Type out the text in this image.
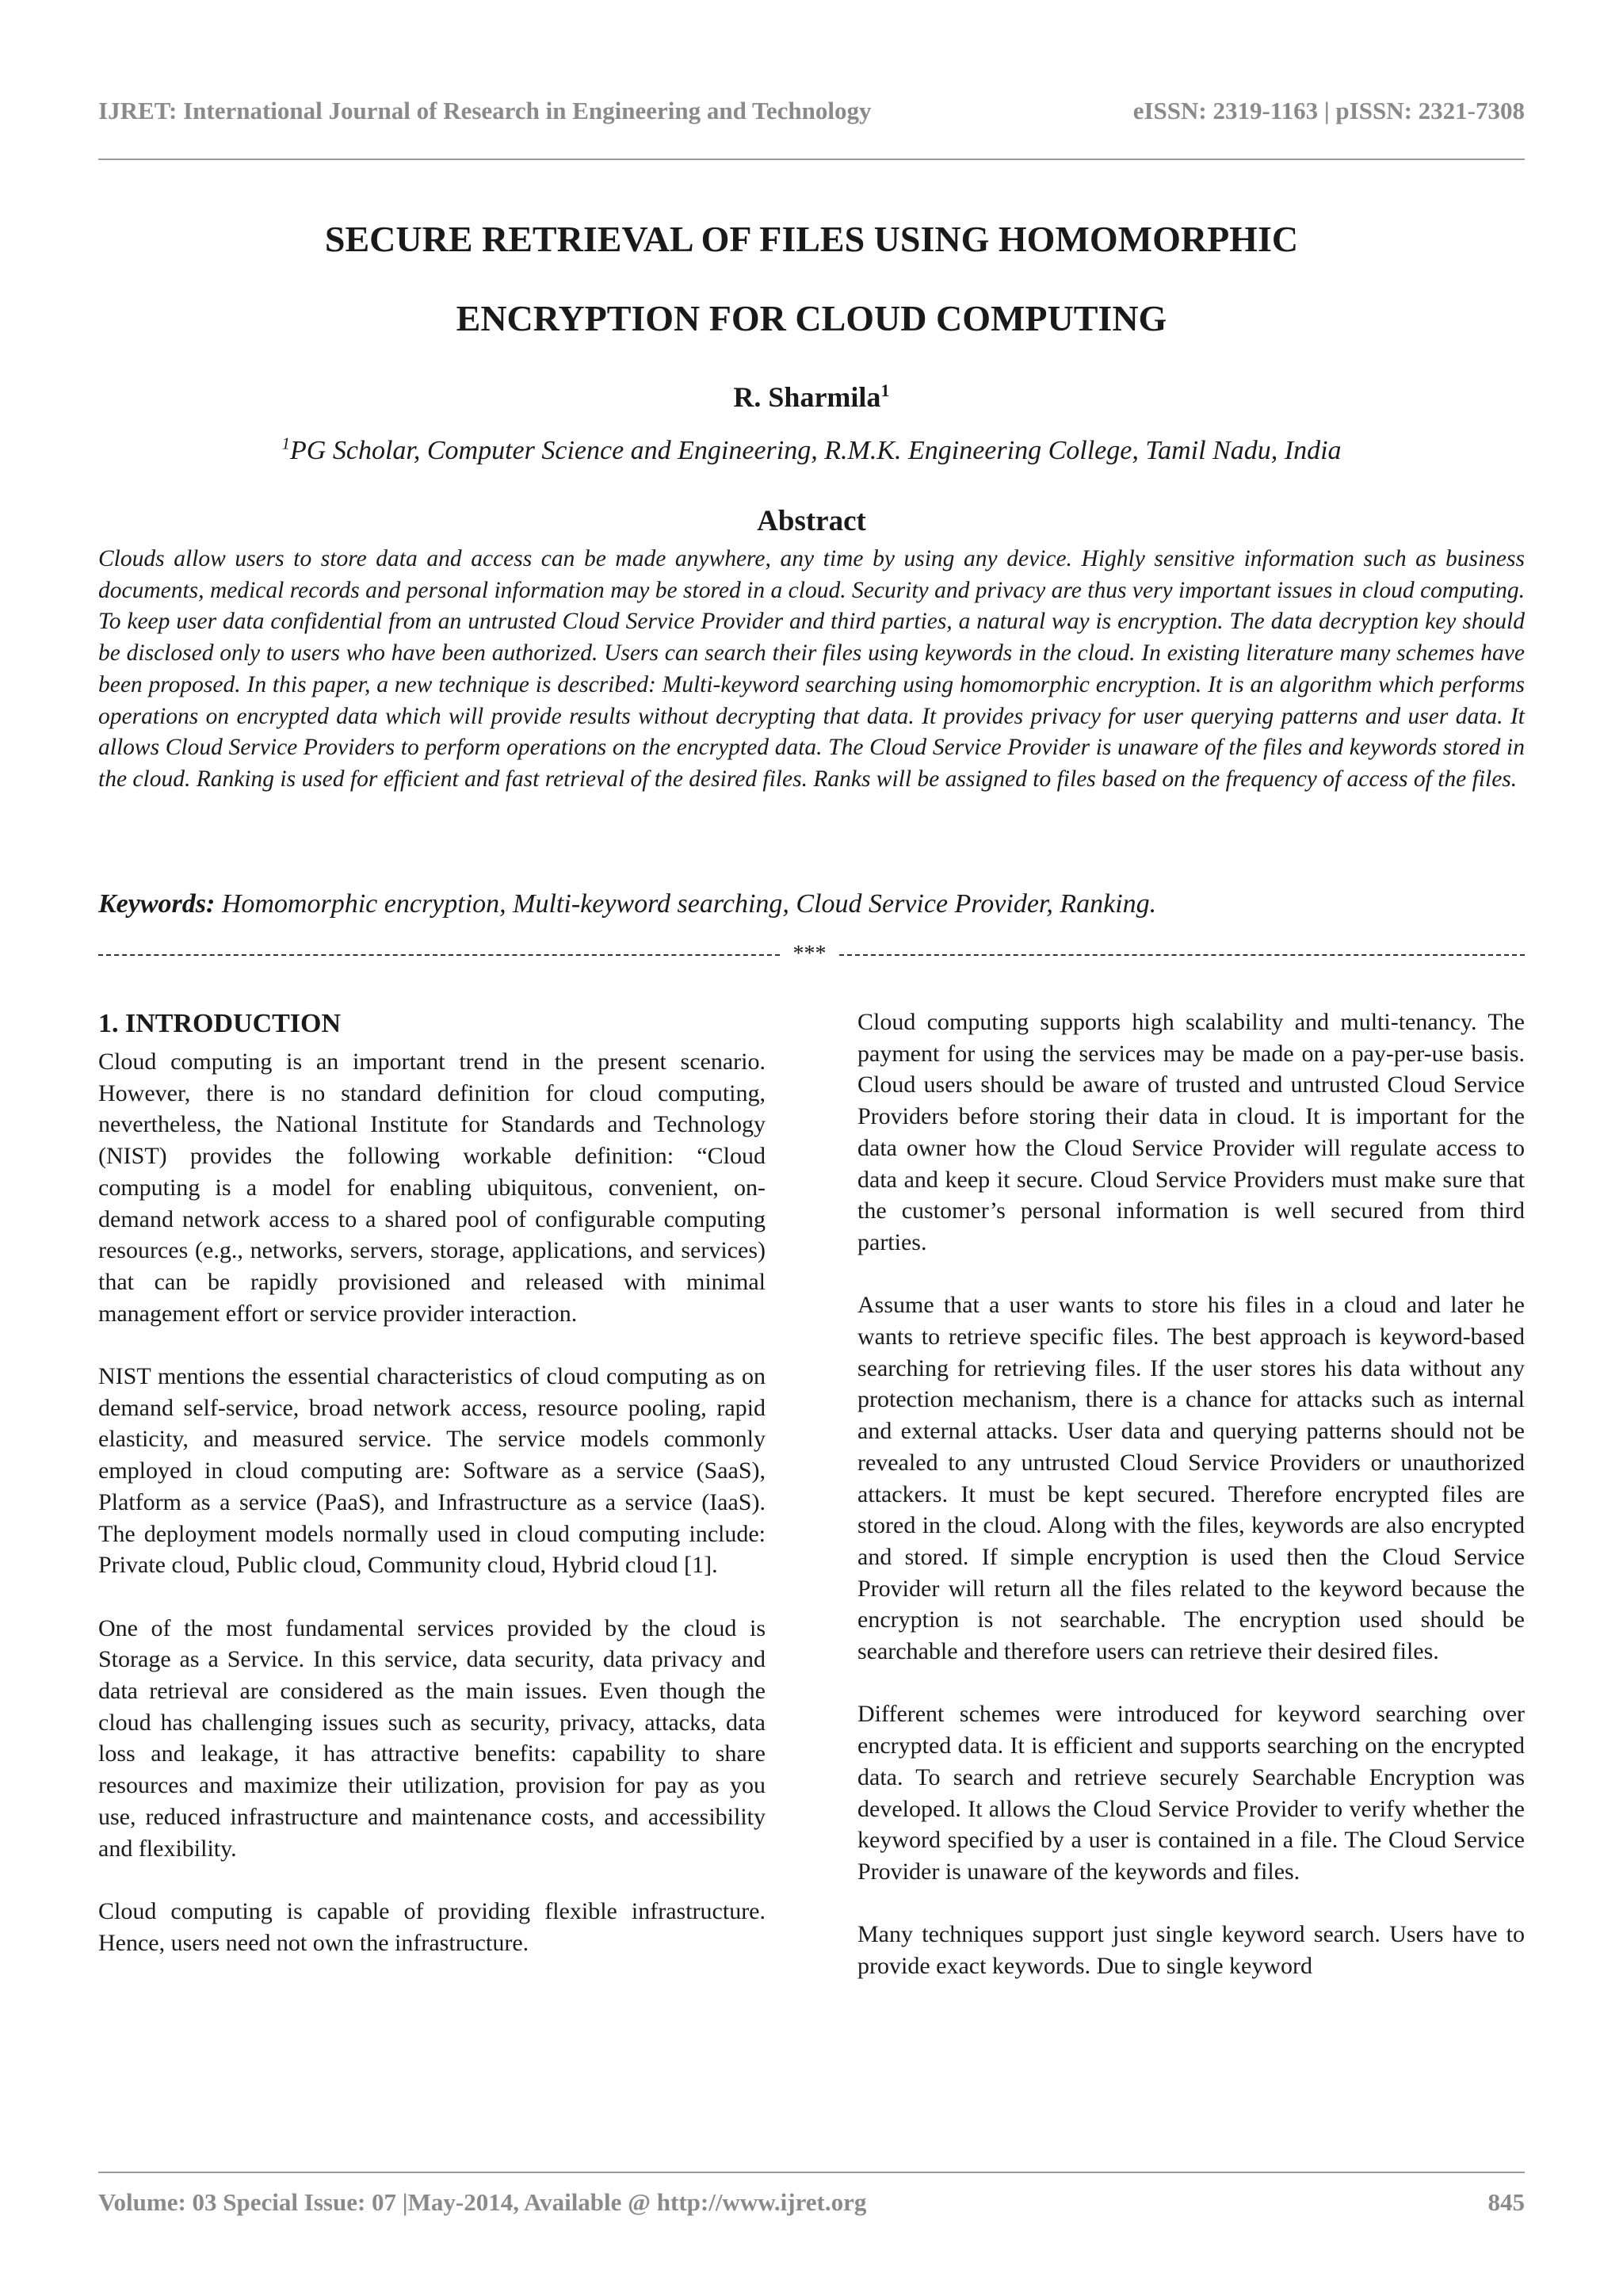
IJRET: International Journal of Research in Engineering and Technology	eISSN: 2319-1163 | pISSN: 2321-7308
SECURE RETRIEVAL OF FILES USING HOMOMORPHIC
ENCRYPTION FOR CLOUD COMPUTING
R. Sharmila$^1$
$^1$PG Scholar, Computer Science and Engineering, R.M.K. Engineering College, Tamil Nadu, India
Abstract
Clouds allow users to store data and access can be made anywhere, any time by using any device. Highly sensitive information such as business documents, medical records and personal information may be stored in a cloud. Security and privacy are thus very important issues in cloud computing. To keep user data confidential from an untrusted Cloud Service Provider and third parties, a natural way is encryption. The data decryption key should be disclosed only to users who have been authorized. Users can search their files using keywords in the cloud. In existing literature many schemes have been proposed. In this paper, a new technique is described: Multi-keyword searching using homomorphic encryption. It is an algorithm which performs operations on encrypted data which will provide results without decrypting that data. It provides privacy for user querying patterns and user data. It allows Cloud Service Providers to perform operations on the encrypted data. The Cloud Service Provider is unaware of the files and keywords stored in the cloud. Ranking is used for efficient and fast retrieval of the desired files. Ranks will be assigned to files based on the frequency of access of the files.
Keywords: Homomorphic encryption, Multi-keyword searching, Cloud Service Provider, Ranking.
***
1. INTRODUCTION

Cloud computing is an important trend in the present scenario. However, there is no standard definition for cloud computing, nevertheless, the National Institute for Standards and Technology (NIST) provides the following workable definition: “Cloud computing is a model for enabling ubiquitous, convenient, on-demand network access to a shared pool of configurable computing resources (e.g., networks, servers, storage, applications, and services) that can be rapidly provisioned and released with minimal management effort or service provider interaction.

NIST mentions the essential characteristics of cloud computing as on demand self-service, broad network access, resource pooling, rapid elasticity, and measured service. The service models commonly employed in cloud computing are: Software as a service (SaaS), Platform as a service (PaaS), and Infrastructure as a service (IaaS). The deployment models normally used in cloud computing include: Private cloud, Public cloud, Community cloud, Hybrid cloud [1].

One of the most fundamental services provided by the cloud is Storage as a Service. In this service, data security, data privacy and data retrieval are considered as the main issues. Even though the cloud has challenging issues such as security, privacy, attacks, data loss and leakage, it has attractive benefits: capability to share resources and maximize their utilization, provision for pay as you use, reduced infrastructure and maintenance costs, and accessibility and flexibility.

Cloud computing is capable of providing flexible infrastructure. Hence, users need not own the infrastructure.

Cloud computing supports high scalability and multi-tenancy. The payment for using the services may be made on a pay-per-use basis. Cloud users should be aware of trusted and untrusted Cloud Service Providers before storing their data in cloud. It is important for the data owner how the Cloud Service Provider will regulate access to data and keep it secure. Cloud Service Providers must make sure that the customer’s personal information is well secured from third parties.

Assume that a user wants to store his files in a cloud and later he wants to retrieve specific files. The best approach is keyword-based searching for retrieving files. If the user stores his data without any protection mechanism, there is a chance for attacks such as internal and external attacks. User data and querying patterns should not be revealed to any untrusted Cloud Service Providers or unauthorized attackers. It must be kept secured. Therefore encrypted files are stored in the cloud. Along with the files, keywords are also encrypted and stored. If simple encryption is used then the Cloud Service Provider will return all the files related to the keyword because the encryption is not searchable. The encryption used should be searchable and therefore users can retrieve their desired files.

Different schemes were introduced for keyword searching over encrypted data. It is efficient and supports searching on the encrypted data. To search and retrieve securely Searchable Encryption was developed. It allows the Cloud Service Provider to verify whether the keyword specified by a user is contained in a file. The Cloud Service Provider is unaware of the keywords and files.

Many techniques support just single keyword search. Users have to provide exact keywords. Due to single keyword

Volume: 03 Special Issue: 07 |May-2014, Available @ http://www.ijret.org	845
